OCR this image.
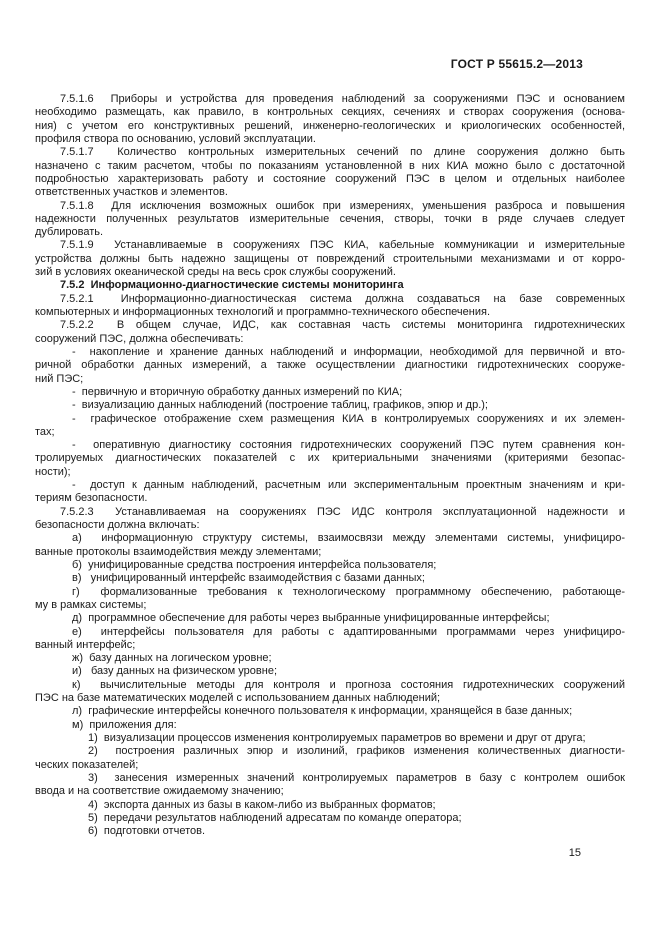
ГОСТ Р 55615.2—2013
7.5.1.6  Приборы и устройства для проведения наблюдений за сооружениями ПЭС и основанием
необходимо размещать, как правило, в контрольных секциях, сечениях и створах сооружения (основа-
ния) с учетом его конструктивных решений, инженерно-геологических и криологических особенностей,
профиля створа по основанию, условий эксплуатации.
7.5.1.7  Количество контрольных измерительных сечений по длине сооружения должно быть
назначено с таким расчетом, чтобы по показаниям установленной в них КИА можно было с достаточной
подробностью характеризовать работу и состояние сооружений ПЭС в целом и отдельных наиболее
ответственных участков и элементов.
7.5.1.8  Для исключения возможных ошибок при измерениях, уменьшения разброса и повышения
надежности полученных результатов измерительные сечения, створы, точки в ряде случаев следует
дублировать.
7.5.1.9  Устанавливаемые в сооружениях ПЭС КИА, кабельные коммуникации и измерительные
устройства должны быть надежно защищены от повреждений строительными механизмами и от корро-
зий в условиях океанической среды на весь срок службы сооружений.
7.5.2  Информационно-диагностические системы мониторинга
7.5.2.1  Информационно-диагностическая система должна создаваться на базе современных
компьютерных и информационных технологий и программно-технического обеспечения.
7.5.2.2  В общем случае, ИДС, как составная часть системы мониторинга гидротехнических
сооружений ПЭС, должна обеспечивать:
-  накопление и хранение данных наблюдений и информации, необходимой для первичной и вто-
ричной обработки данных измерений, а также осуществлении диагностики гидротехнических сооруже-
ний ПЭС;
-  первичную и вторичную обработку данных измерений по КИА;
-  визуализацию данных наблюдений (построение таблиц, графиков, эпюр и др.);
-  графическое отображение схем размещения КИА в контролируемых сооружениях и их элемен-
тах;
-  оперативную диагностику состояния гидротехнических сооружений ПЭС путем сравнения кон-
тролируемых диагностических показателей с их критериальными значениями (критериями безопас-
ности);
-  доступ к данным наблюдений, расчетным или экспериментальным проектным значениям и кри-
териям безопасности.
7.5.2.3  Устанавливаемая на сооружениях ПЭС ИДС контроля эксплуатационной надежности и
безопасности должна включать:
а)  информационную структуру системы, взаимосвязи между элементами системы, унифициро-
ванные протоколы взаимодействия между элементами;
б)  унифицированные средства построения интерфейса пользователя;
в)   унифицированный интерфейс взаимодействия с базами данных;
г)  формализованные требования к технологическому программному обеспечению, работающе-
му в рамках системы;
д)  программное обеспечение для работы через выбранные унифицированные интерфейсы;
е)  интерфейсы пользователя для работы с адаптированными программами через унифициро-
ванный интерфейс;
ж)  базу данных на логическом уровне;
и)   базу данных на физическом уровне;
к)  вычислительные методы для контроля и прогноза состояния гидротехнических сооружений
ПЭС на базе математических моделей с использованием данных наблюдений;
л)  графические интерфейсы конечного пользователя к информации, хранящейся в базе данных;
м)  приложения для:
1)  визуализации процессов изменения контролируемых параметров во времени и друг от друга;
2)  построения различных эпюр и изолиний, графиков изменения количественных диагности-
ческих показателей;
3)  занесения измеренных значений контролируемых параметров в базу с контролем ошибок
ввода и на соответствие ожидаемому значению;
4)  экспорта данных из базы в каком-либо из выбранных форматов;
5)  передачи результатов наблюдений адресатам по команде оператора;
6)  подготовки отчетов.
15
